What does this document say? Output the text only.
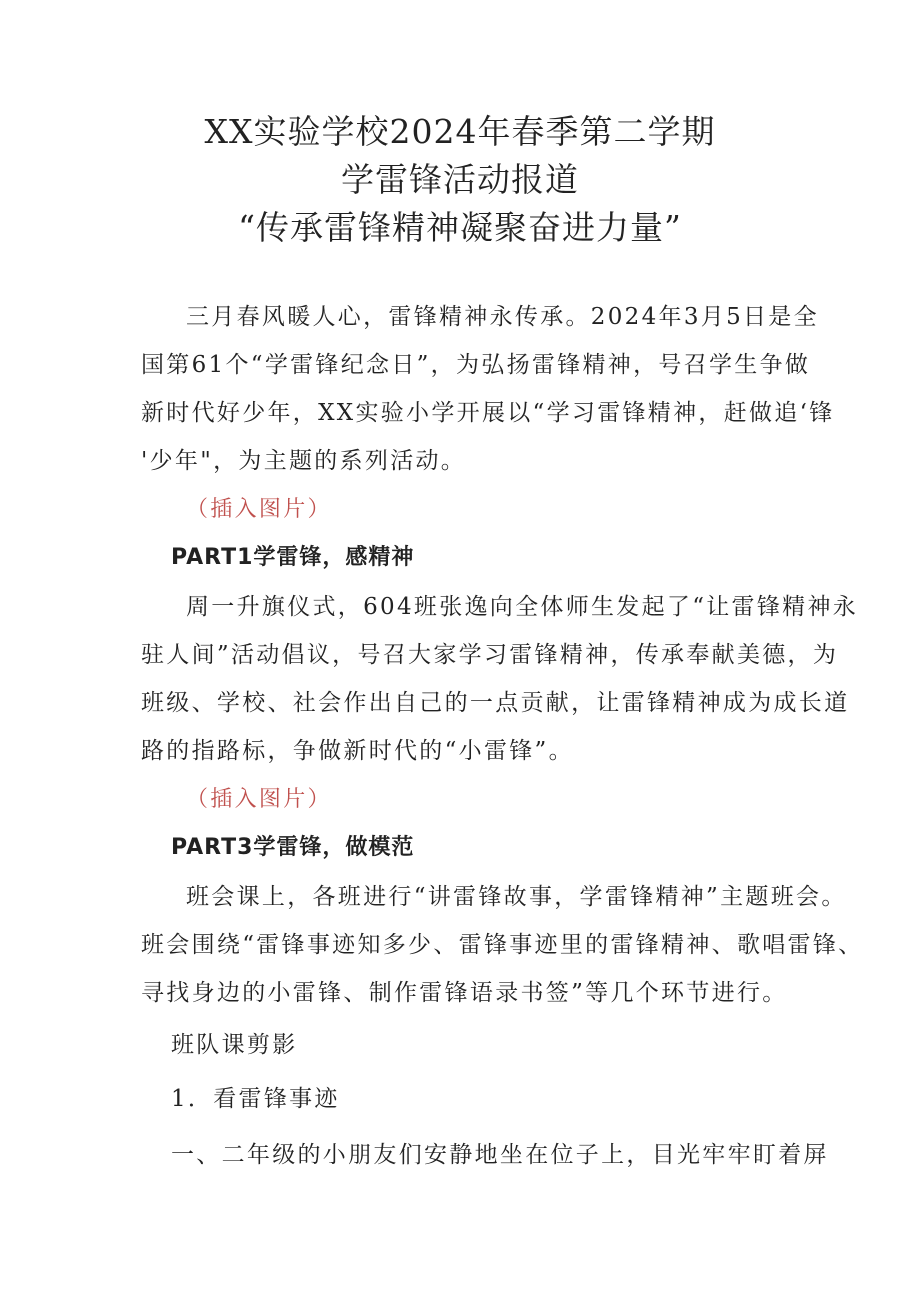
XX实验学校2024年春季第二学期
学雷锋活动报道
“传承雷锋精神凝聚奋进力量”
三月春风暖人心，雷锋精神永传承。2024年3月5日是全
国第61个“学雷锋纪念日”，为弘扬雷锋精神，号召学生争做
新时代好少年，XX实验小学开展以“学习雷锋精神，赶做追‘锋
'少年"，为主题的系列活动。
（插入图片）
PART1学雷锋，感精神
周一升旗仪式，604班张逸向全体师生发起了“让雷锋精神永
驻人间”活动倡议，号召大家学习雷锋精神，传承奉献美德，为
班级、学校、社会作出自己的一点贡献，让雷锋精神成为成长道
路的指路标，争做新时代的“小雷锋”。
（插入图片）
PART3学雷锋，做模范
班会课上，各班进行“讲雷锋故事，学雷锋精神”主题班会。
班会围绕“雷锋事迹知多少、雷锋事迹里的雷锋精神、歌唱雷锋、
寻找身边的小雷锋、制作雷锋语录书签”等几个环节进行。
班队课剪影
1．看雷锋事迹
一、二年级的小朋友们安静地坐在位子上，目光牢牢盯着屏
